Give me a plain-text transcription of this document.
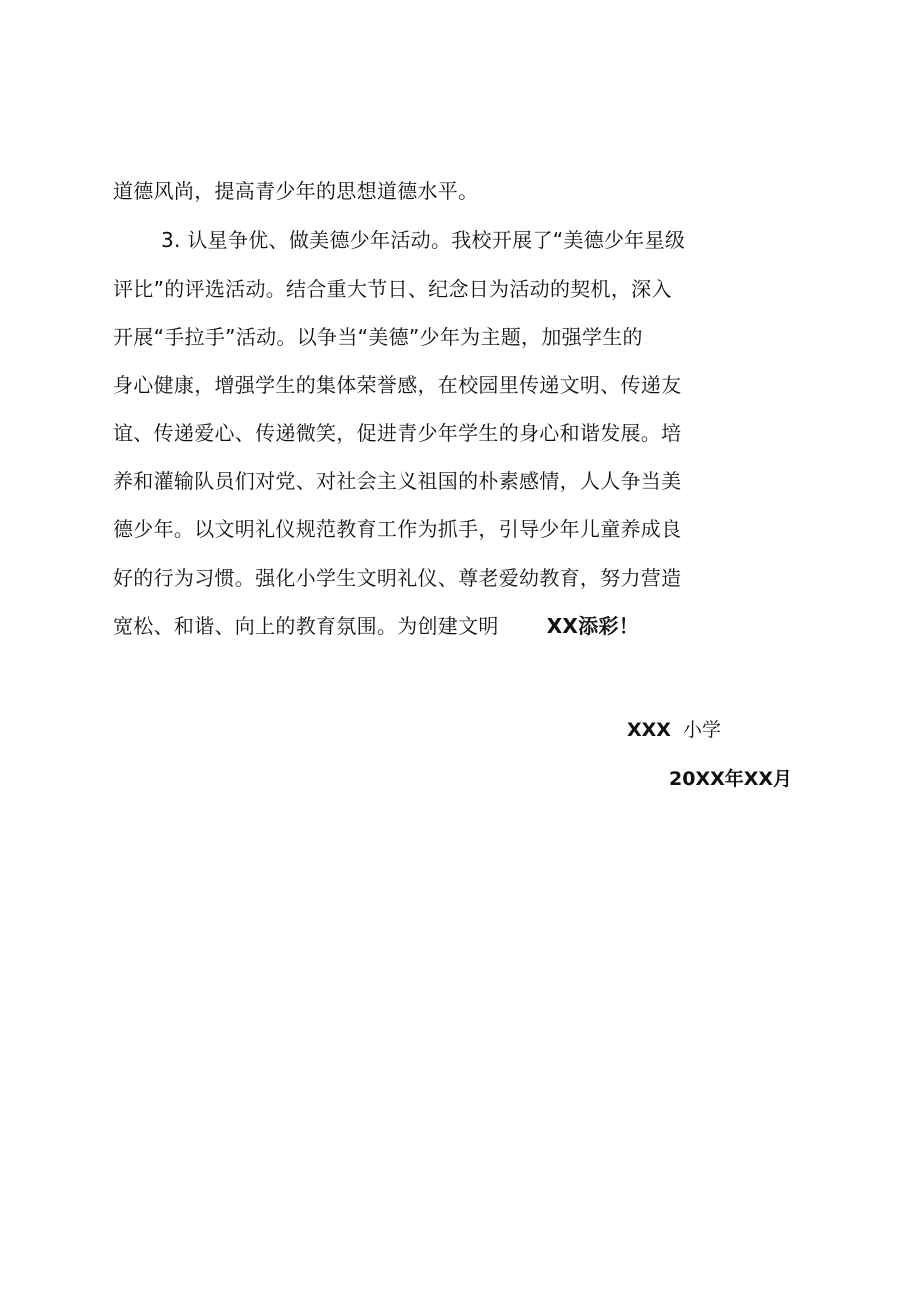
道德风尚，提高青少年的思想道德水平。
3. 认星争优、做美德少年活动。我校开展了“美德少年星级
评比”的评选活动。结合重大节日、纪念日为活动的契机，深入
开展“手拉手”活动。以争当“美德”少年为主题，加强学生的
身心健康，增强学生的集体荣誉感，在校园里传递文明、传递友
谊、传递爱心、传递微笑，促进青少年学生的身心和谐发展。培
养和灌输队员们对党、对社会主义祖国的朴素感情，人人争当美
德少年。以文明礼仪规范教育工作为抓手，引导少年儿童养成良
好的行为习惯。强化小学生文明礼仪、尊老爱幼教育，努力营造
宽松、和谐、向上的教育氛围。为创建文明 XX添彩！
XXX 小学
20XX年XX月
